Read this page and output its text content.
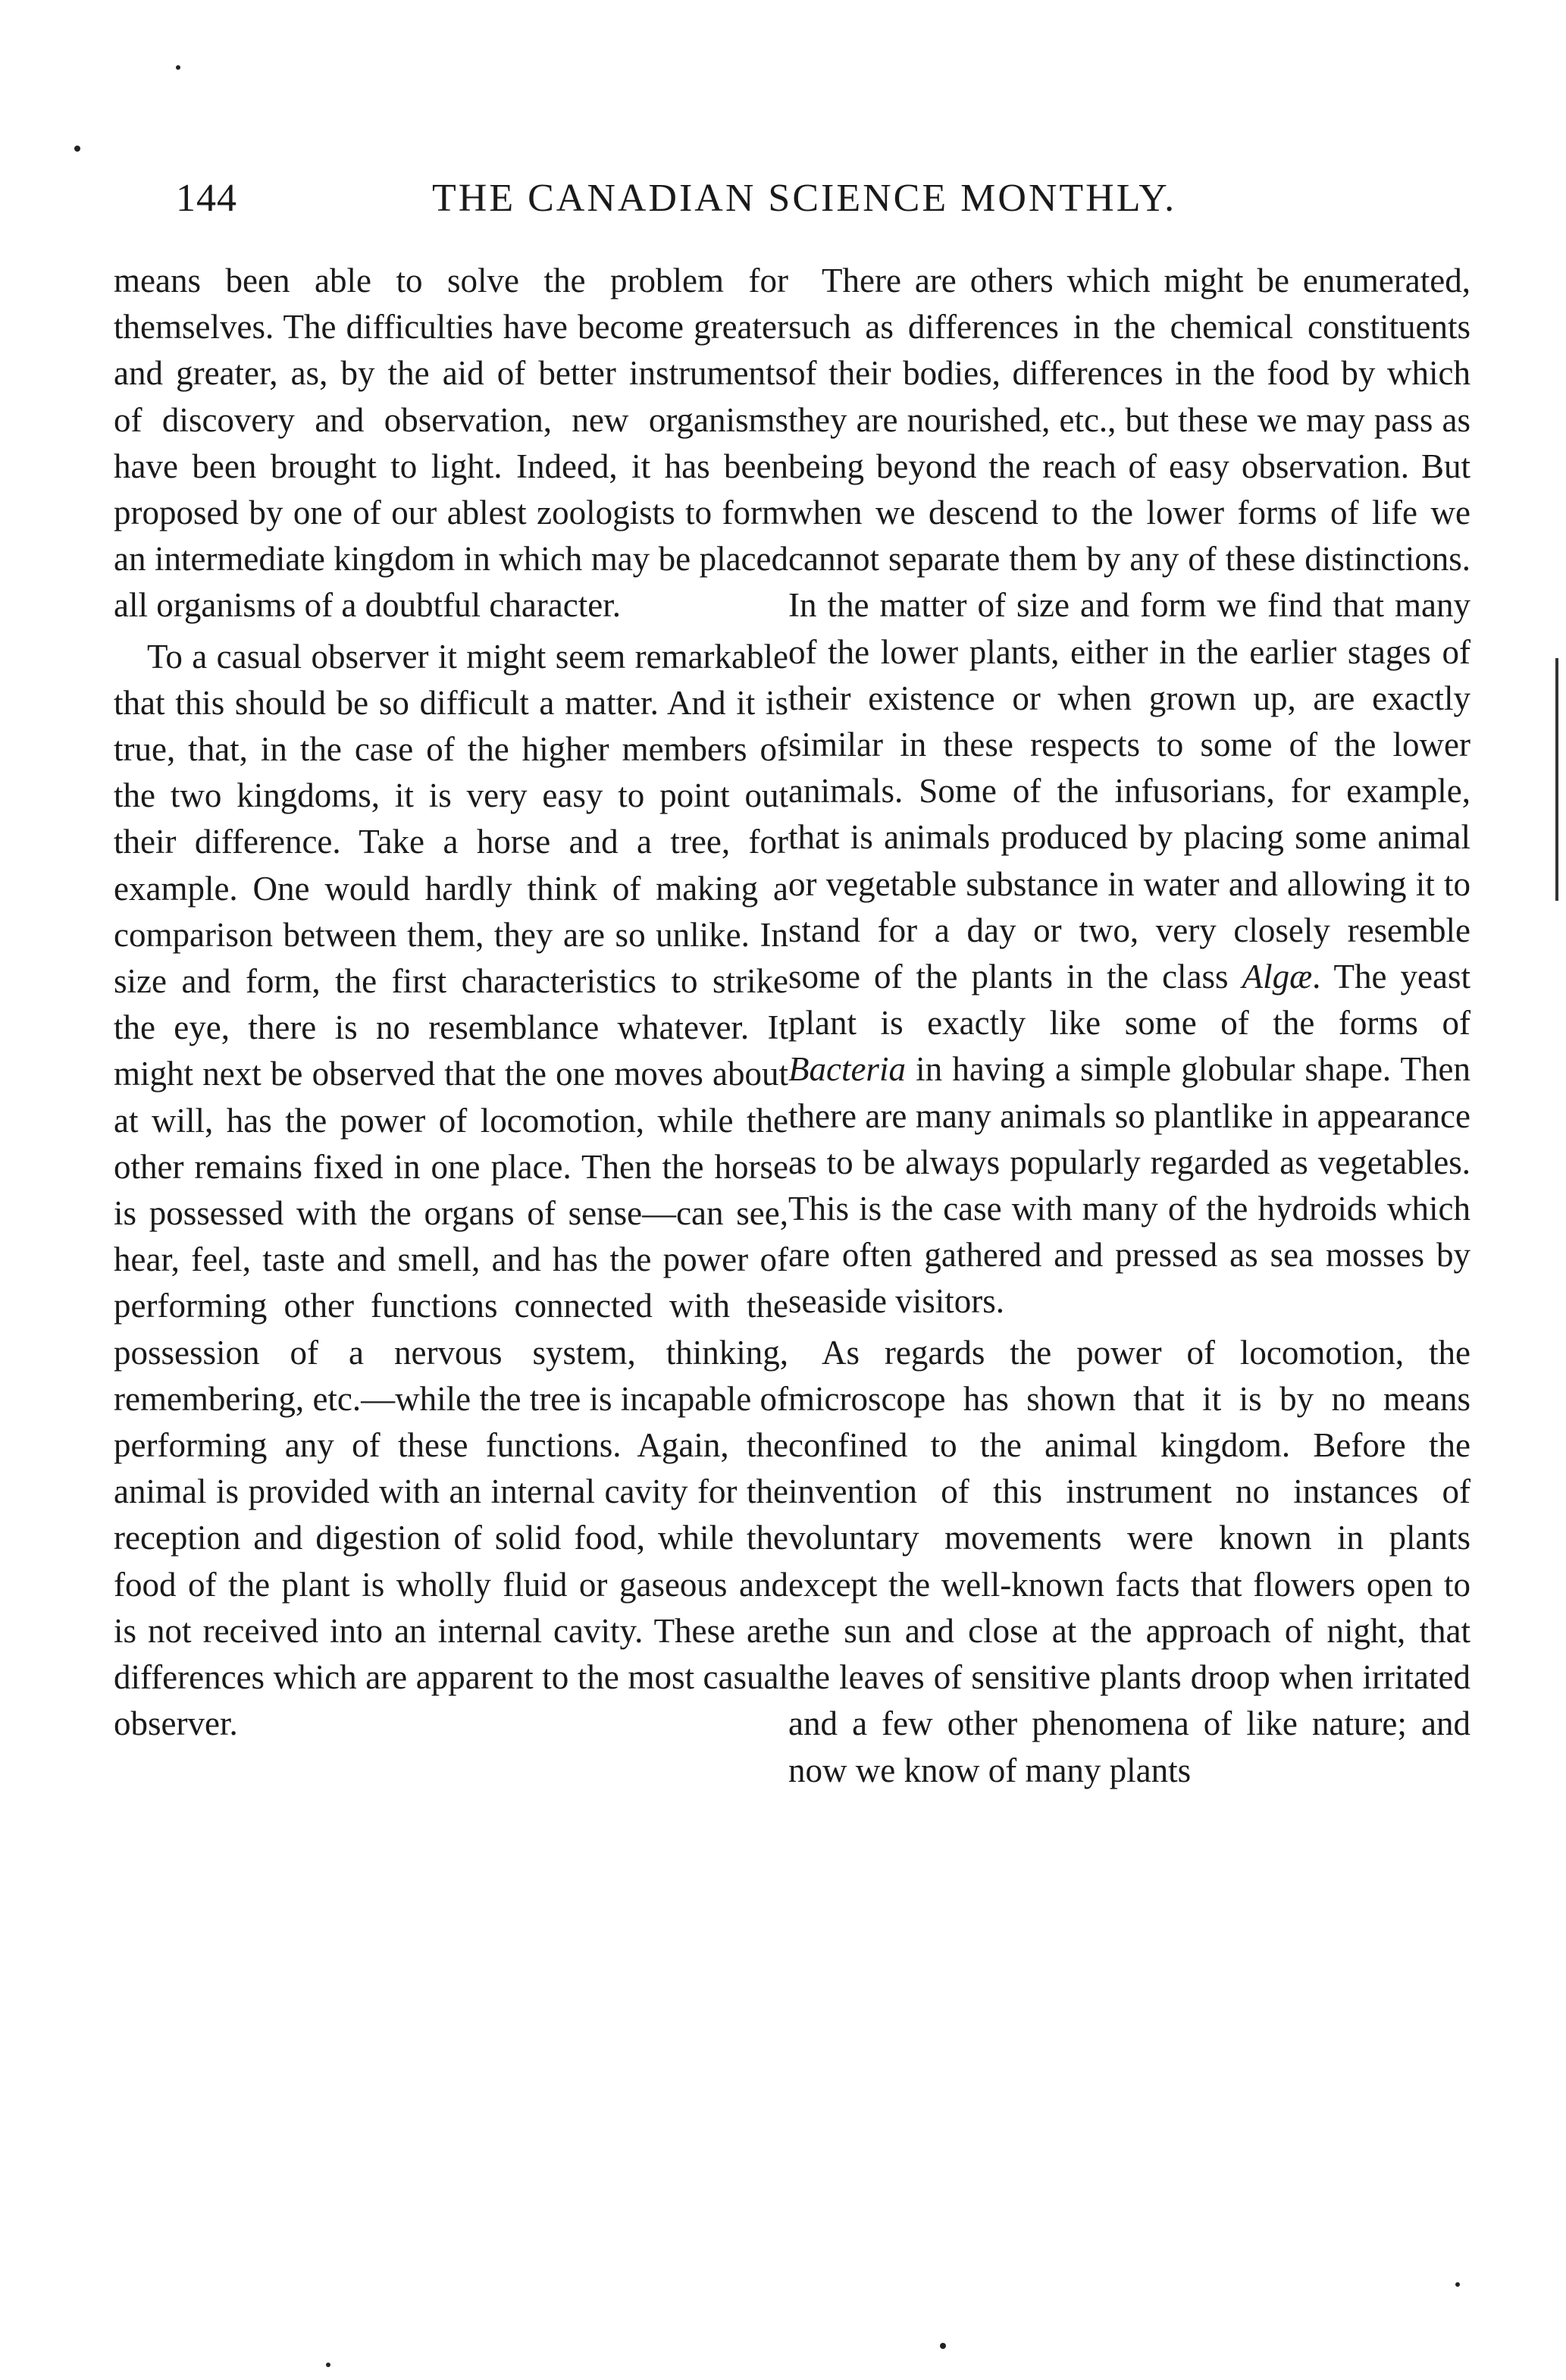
144	THE CANADIAN SCIENCE MONTHLY.

means been able to solve the problem for themselves. The difficulties have become greater and greater, as, by the aid of better instruments of discovery and observation, new organisms have been brought to light. Indeed, it has been proposed by one of our ablest zoologists to form an intermediate kingdom in which may be placed all organisms of a doubtful character.

To a casual observer it might seem remarkable that this should be so difficult a matter. And it is true, that, in the case of the higher members of the two kingdoms, it is very easy to point out their difference. Take a horse and a tree, for example. One would hardly think of making a comparison between them, they are so unlike. In size and form, the first characteristics to strike the eye, there is no resemblance whatever. It might next be observed that the one moves about at will, has the power of locomotion, while the other remains fixed in one place. Then the horse is possessed with the organs of sense—can see, hear, feel, taste and smell, and has the power of performing other functions connected with the possession of a nervous system, thinking, remembering, etc.—while the tree is incapable of performing any of these functions. Again, the animal is provided with an internal cavity for the reception and digestion of solid food, while the food of the plant is wholly fluid or gaseous and is not received into an internal cavity. These are differences which are apparent to the most casual observer.

There are others which might be enumerated, such as differences in the chemical constituents of their bodies, differences in the food by which they are nourished, etc., but these we may pass as being beyond the reach of easy observation. But when we descend to the lower forms of life we cannot separate them by any of these distinctions. In the matter of size and form we find that many of the lower plants, either in the earlier stages of their existence or when grown up, are exactly similar in these respects to some of the lower animals. Some of the infusorians, for example, that is animals produced by placing some animal or vegetable substance in water and allowing it to stand for a day or two, very closely resemble some of the plants in the class Algæ. The yeast plant is exactly like some of the forms of Bacteria in having a simple globular shape. Then there are many animals so plantlike in appearance as to be always popularly regarded as vegetables. This is the case with many of the hydroids which are often gathered and pressed as sea mosses by seaside visitors.

As regards the power of locomotion, the microscope has shown that it is by no means confined to the animal kingdom. Before the invention of this instrument no instances of voluntary movements were known in plants except the well-known facts that flowers open to the sun and close at the approach of night, that the leaves of sensitive plants droop when irritated and a few other phenomena of like nature; and now we know of many plants
